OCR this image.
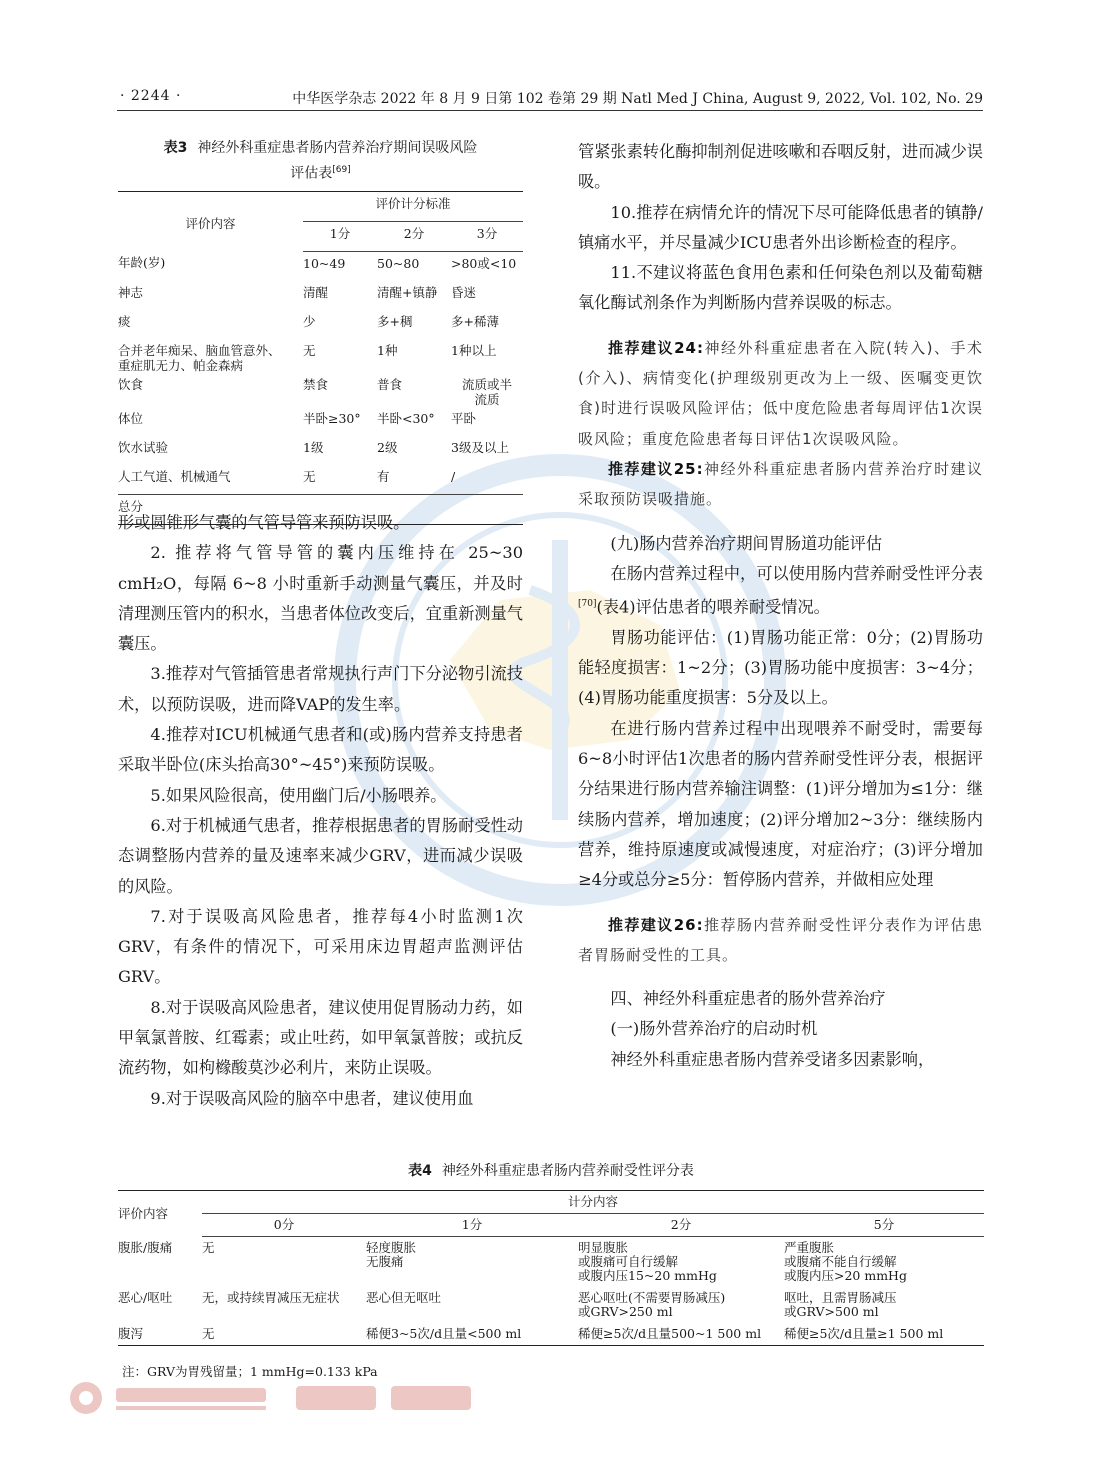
· 2244 ·	中华医学杂志 2022 年 8 月 9 日第 102 卷第 29 期 Natl Med J China, August 9, 2022, Vol. 102, No. 29
表3 神经外科重症患者肠内营养治疗期间误吸风险
评估表[69]
评价内容	评价计分标准		
	1分	2分	3分
年龄(岁)	10~49	50~80	>80或<10
神志	清醒	清醒+镇静	昏迷
痰	少	多+稠	多+稀薄
合并老年痴呆、脑血管意外、
重症肌无力、帕金森病	无	1种	1种以上
饮食	禁食	普食	流质或半
流质
体位	半卧≥30°	半卧<30°	平卧
饮水试验	1级	2级	3级及以上
人工气道、机械通气	无	有	/
总分			

形或圆锥形气囊的气管导管来预防误吸。

2. 推荐将气管导管的囊内压维持在 25~30 cmH₂O，每隔 6~8 小时重新手动测量气囊压，并及时清理测压管内的积水，当患者体位改变后，宜重新测量气囊压。

3.推荐对气管插管患者常规执行声门下分泌物引流技术，以预防误吸，进而降VAP的发生率。

4.推荐对ICU机械通气患者和(或)肠内营养支持患者采取半卧位(床头抬高30°~45°)来预防误吸。

5.如果风险很高，使用幽门后/小肠喂养。

6.对于机械通气患者，推荐根据患者的胃肠耐受性动态调整肠内营养的量及速率来减少GRV，进而减少误吸的风险。

7.对于误吸高风险患者，推荐每4小时监测1次GRV，有条件的情况下，可采用床边胃超声监测评估GRV。

8.对于误吸高风险患者，建议使用促胃肠动力药，如甲氧氯普胺、红霉素；或止吐药，如甲氧氯普胺；或抗反流药物，如枸橼酸莫沙必利片，来防止误吸。

9.对于误吸高风险的脑卒中患者，建议使用血

管紧张素转化酶抑制剂促进咳嗽和吞咽反射，进而减少误吸。

10.推荐在病情允许的情况下尽可能降低患者的镇静/镇痛水平，并尽量减少ICU患者外出诊断检查的程序。

11.不建议将蓝色食用色素和任何染色剂以及葡萄糖氧化酶试剂条作为判断肠内营养误吸的标志。

推荐建议24:神经外科重症患者在入院(转入)、手术(介入)、病情变化(护理级别更改为上一级、医嘱变更饮食)时进行误吸风险评估；低中度危险患者每周评估1次误吸风险；重度危险患者每日评估1次误吸风险。

推荐建议25:神经外科重症患者肠内营养治疗时建议采取预防误吸措施。

(九)肠内营养治疗期间胃肠道功能评估

在肠内营养过程中，可以使用肠内营养耐受性评分表[70](表4)评估患者的喂养耐受情况。

胃肠功能评估：(1)胃肠功能正常：0分；(2)胃肠功能轻度损害：1~2分；(3)胃肠功能中度损害：3~4分；(4)胃肠功能重度损害：5分及以上。

在进行肠内营养过程中出现喂养不耐受时，需要每6~8小时评估1次患者的肠内营养耐受性评分表，根据评分结果进行肠内营养输注调整：(1)评分增加为≤1分：继续肠内营养，增加速度；(2)评分增加2~3分：继续肠内营养，维持原速度或减慢速度，对症治疗；(3)评分增加≥4分或总分≥5分：暂停肠内营养，并做相应处理

推荐建议26:推荐肠内营养耐受性评分表作为评估患者胃肠耐受性的工具。

四、神经外科重症患者的肠外营养治疗

(一)肠外营养治疗的启动时机

神经外科重症患者肠内营养受诸多因素影响，

表4 神经外科重症患者肠内营养耐受性评分表
评价内容	计分内容			
	0分	1分	2分	5分
腹胀/腹痛	无	轻度腹胀
无腹痛	明显腹胀
或腹痛可自行缓解
或腹内压15~20 mmHg	严重腹胀
或腹痛不能自行缓解
或腹内压>20 mmHg
恶心/呕吐	无，或持续胃减压无症状	恶心但无呕吐	恶心呕吐(不需要胃肠减压)
或GRV>250 ml	呕吐，且需胃肠减压
或GRV>500 ml
腹泻	无	稀便3~5次/d且量<500 ml	稀便≥5次/d且量500~1 500 ml	稀便≥5次/d且量≥1 500 ml
注：GRV为胃残留量；1 mmHg=0.133 kPa
